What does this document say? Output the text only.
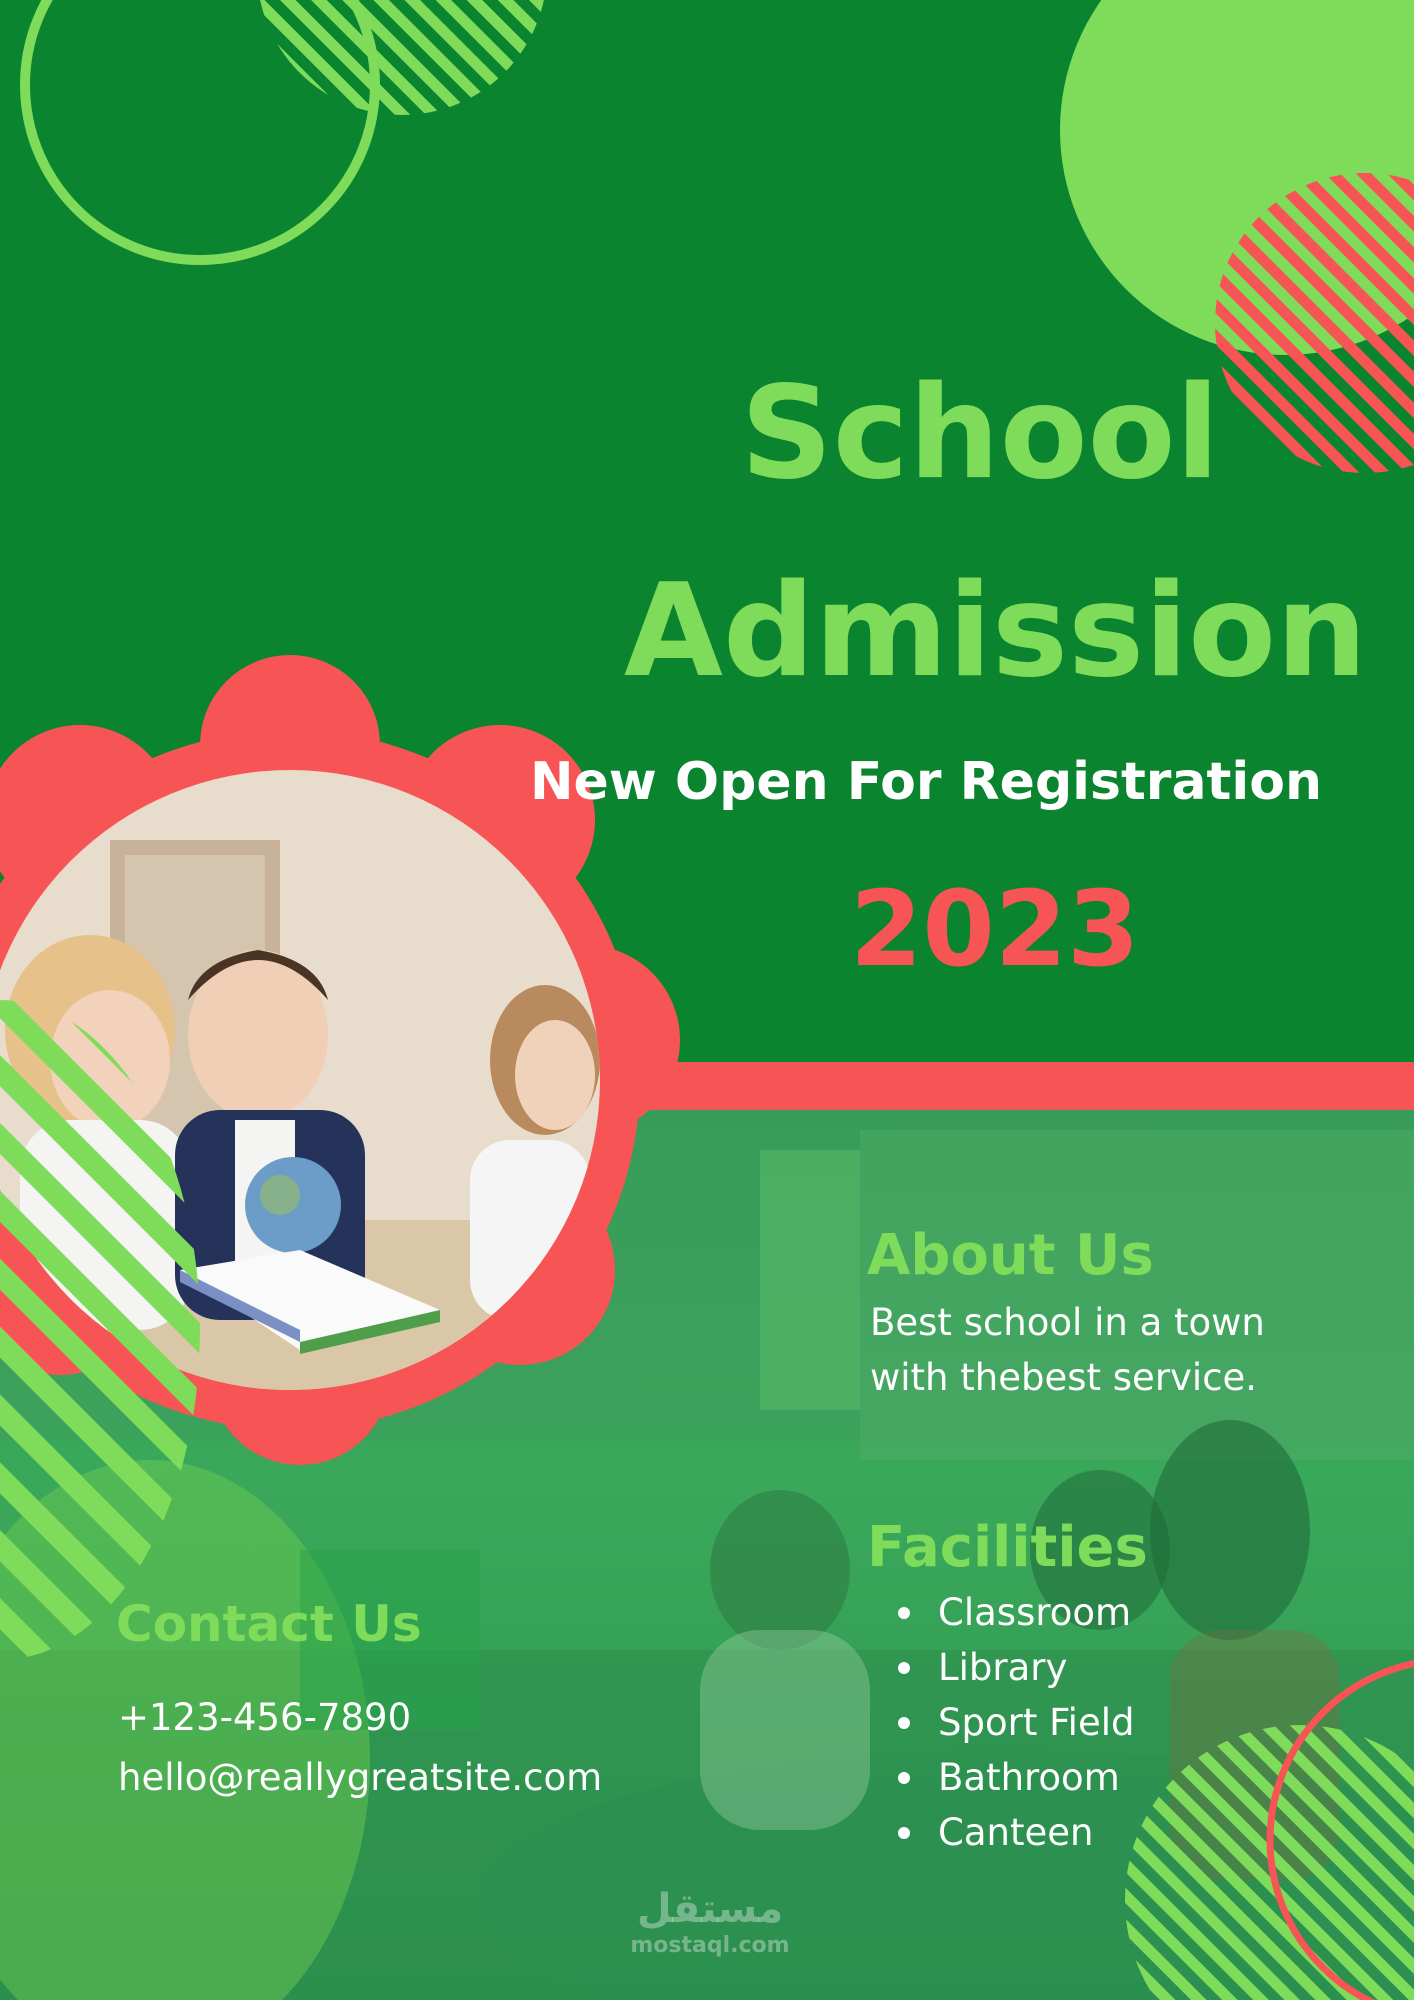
School

Admission

New Open For Registration

2023

About Us

Best school in a town

with thebest service.

Facilities

Classroom
Library
Sport Field
Bathroom
Canteen

Contact Us

+123-456-7890

hello@reallygreatsite.com

مستقل
mostaql.com
